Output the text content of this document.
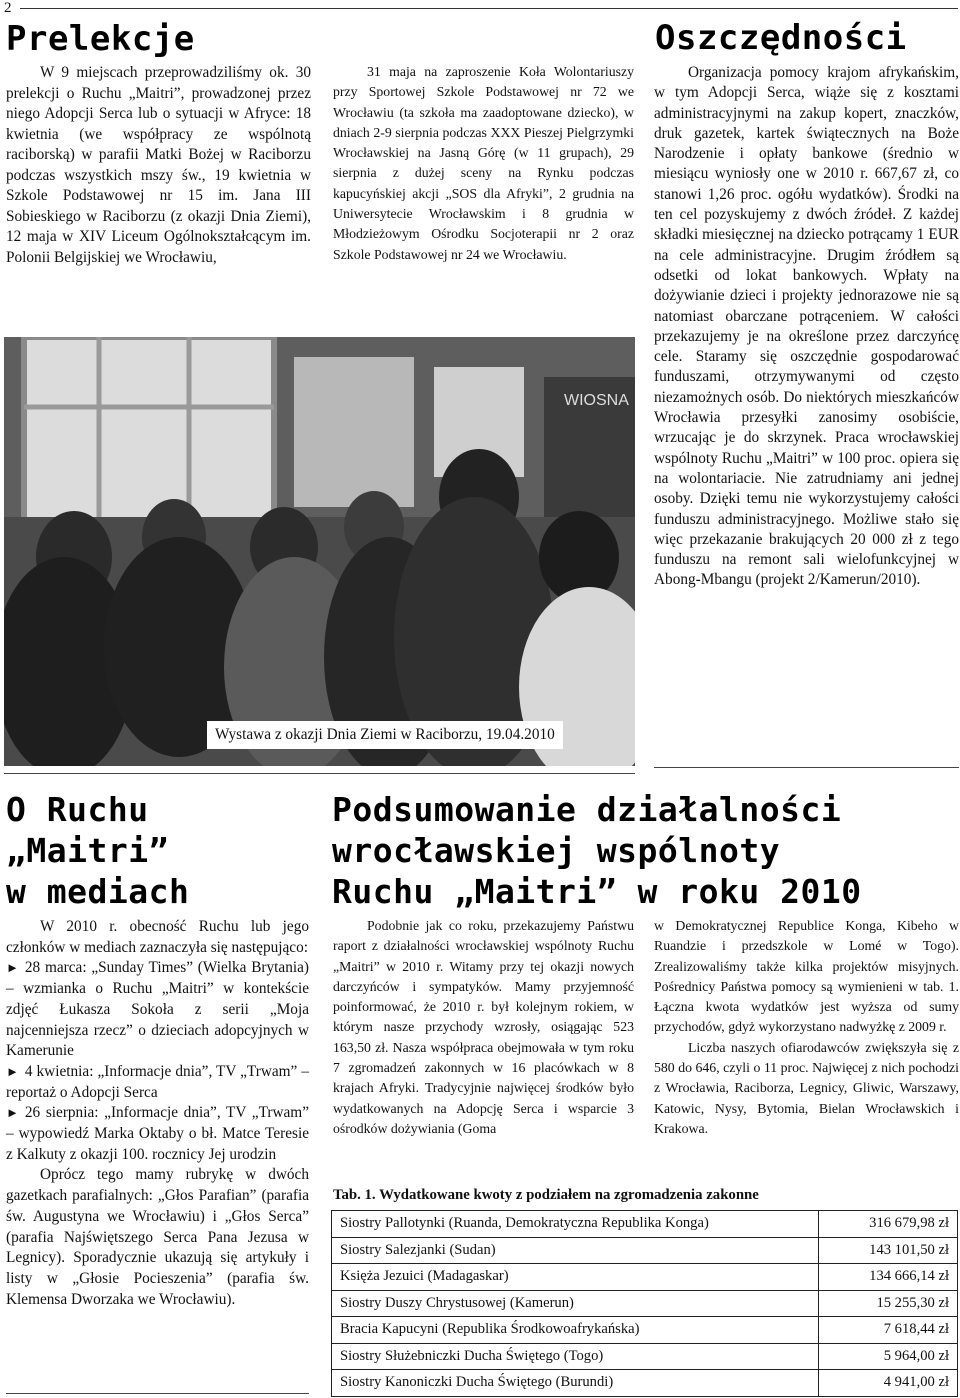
2
Prelekcje

W 9 miejscach przeprowadziliśmy ok. 30 prelekcji o Ruchu „Maitri”, prowadzonej przez niego Adopcji Serca lub o sytuacji w Afryce: 18 kwietnia (we współpracy ze wspólnotą raciborską) w parafii Matki Bożej w Raciborzu podczas wszystkich mszy św., 19 kwietnia w Szkole Podstawowej nr 15 im. Jana III Sobieskiego w Raciborzu (z okazji Dnia Ziemi), 12 maja w XIV Liceum Ogólnokształcącym im. Polonii Belgijskiej we Wrocławiu,

31 maja na zaproszenie Koła Wolontariuszy przy Sportowej Szkole Podstawowej nr 72 we Wrocławiu (ta szkoła ma zaadoptowane dziecko), w dniach 2-9 sierpnia podczas XXX Pieszej Pielgrzymki Wrocławskiej na Jasną Górę (w 11 grupach), 29 sierpnia z dużej sceny na Rynku podczas kapucyńskiej akcji „SOS dla Afryki”, 2 grudnia na Uniwersytecie Wrocławskim i 8 grudnia w Młodzieżowym Ośrodku Socjoterapii nr 2 oraz Szkole Podstawowej nr 24 we Wrocławiu.

WIOSNA
Wystawa z okazji Dnia Ziemi w Raciborzu, 19.04.2010
Oszczędności

Organizacja pomocy krajom afrykańskim, w tym Adopcji Serca, wiąże się z kosztami administracyjnymi na zakup kopert, znaczków, druk gazetek, kartek świątecznych na Boże Narodzenie i opłaty bankowe (średnio w miesiącu wyniosły one w 2010 r. 667,67 zł, co stanowi 1,26 proc. ogółu wydatków). Środki na ten cel pozyskujemy z dwóch źródeł. Z każdej składki miesięcznej na dziecko potrącamy 1 EUR na cele administracyjne. Drugim źródłem są odsetki od lokat bankowych. Wpłaty na dożywianie dzieci i projekty jednorazowe nie są natomiast obarczane potrąceniem. W całości przekazujemy je na określone przez darczyńcę cele. Staramy się oszczędnie gospodarować funduszami, otrzymywanymi od często niezamożnych osób. Do niektórych mieszkańców Wrocławia przesyłki zanosimy osobiście, wrzucając je do skrzynek. Praca wrocławskiej wspólnoty Ruchu „Maitri” w 100 proc. opiera się na wolontariacie. Nie zatrudniamy ani jednej osoby. Dzięki temu nie wykorzystujemy całości funduszu administracyjnego. Możliwe stało się więc przekazanie brakujących 20 000 zł z tego funduszu na remont sali wielofunkcyjnej w Abong-Mbangu (projekt 2/Kamerun/2010).

O Ruchu
„Maitri”
w mediach

W 2010 r. obecność Ruchu lub jego członków w mediach zaznaczyła się następująco:

► 28 marca: „Sunday Times” (Wielka Brytania) – wzmianka o Ruchu „Maitri” w kontekście zdjęć Łukasza Sokoła z serii „Moja najcenniejsza rzecz” o dzieciach adopcyjnych w Kamerunie

► 4 kwietnia: „Informacje dnia”, TV „Trwam” – reportaż o Adopcji Serca

► 26 sierpnia: „Informacje dnia”, TV „Trwam” – wypowiedź Marka Oktaby o bł. Matce Teresie z Kalkuty z okazji 100. rocznicy Jej urodzin

Oprócz tego mamy rubrykę w dwóch gazetkach parafialnych: „Głos Parafian” (parafia św. Augustyna we Wrocławiu) i „Głos Serca” (parafia Najświętszego Serca Pana Jezusa w Legnicy). Sporadycznie ukazują się artykuły i listy w „Głosie Pocieszenia” (parafia św. Klemensa Dworzaka we Wrocławiu).

Podsumowanie działalności
wrocławskiej wspólnoty
Ruchu „Maitri” w roku 2010

Podobnie jak co roku, przekazujemy Państwu raport z działalności wrocławskiej wspólnoty Ruchu „Maitri” w 2010 r. Witamy przy tej okazji nowych darczyńców i sympatyków. Mamy przyjemność poinformować, że 2010 r. był kolejnym rokiem, w którym nasze przychody wzrosły, osiągając 523 163,50 zł. Nasza współpraca obejmowała w tym roku 7 zgromadzeń zakonnych w 16 placówkach w 8 krajach Afryki. Tradycyjnie najwięcej środków było wydatkowanych na Adopcję Serca i wsparcie 3 ośrodków dożywiania (Goma

w Demokratycznej Republice Konga, Kibeho w Ruandzie i przedszkole w Lomé w Togo). Zrealizowaliśmy także kilka projektów misyjnych. Pośrednicy Państwa pomocy są wymienieni w tab. 1. Łączna kwota wydatków jest wyższa od sumy przychodów, gdyż wykorzystano nadwyżkę z 2009 r.

Liczba naszych ofiarodawców zwiększyła się z 580 do 646, czyli o 11 proc. Najwięcej z nich pochodzi z Wrocławia, Raciborza, Legnicy, Gliwic, Warszawy, Katowic, Nysy, Bytomia, Bielan Wrocławskich i Krakowa.

Tab. 1. Wydatkowane kwoty z podziałem na zgromadzenia zakonne
Siostry Pallotynki (Ruanda, Demokratyczna Republika Konga)	316 679,98 zł
Siostry Salezjanki (Sudan)	143 101,50 zł
Księża Jezuici (Madagaskar)	134 666,14 zł
Siostry Duszy Chrystusowej (Kamerun)	15 255,30 zł
Bracia Kapucyni (Republika Środkowoafrykańska)	7 618,44 zł
Siostry Służebniczki Ducha Świętego (Togo)	5 964,00 zł
Siostry Kanoniczki Ducha Świętego (Burundi)	4 941,00 zł
